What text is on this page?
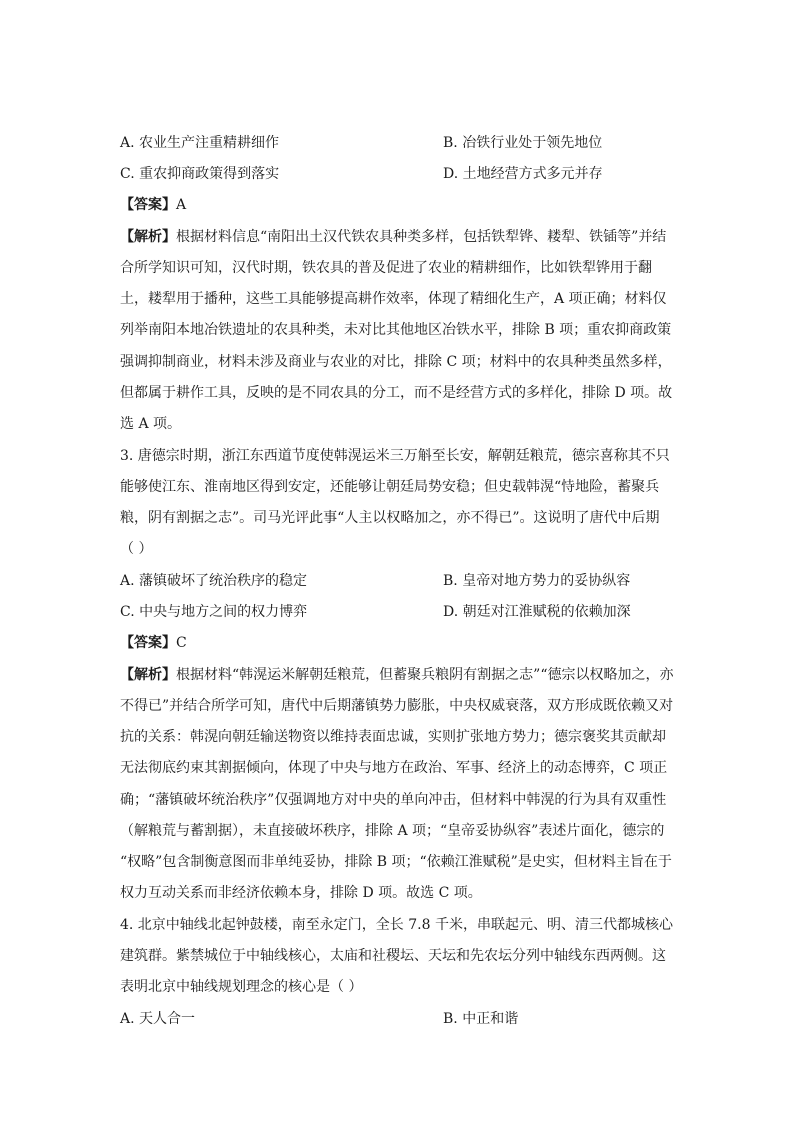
A. 农业生产注重精耕细作	B. 冶铁行业处于领先地位
C. 重农抑商政策得到落实	D. 土地经营方式多元并存
【答案】A
【解析】根据材料信息“南阳出土汉代铁农具种类多样，包括铁犁铧、耧犁、铁锸等”并结
合所学知识可知，汉代时期，铁农具的普及促进了农业的精耕细作，比如铁犁铧用于翻
土，耧犁用于播种，这些工具能够提高耕作效率，体现了精细化生产，A 项正确；材料仅
列举南阳本地冶铁遗址的农具种类，未对比其他地区冶铁水平，排除 B 项；重农抑商政策
强调抑制商业，材料未涉及商业与农业的对比，排除 C 项；材料中的农具种类虽然多样，
但都属于耕作工具，反映的是不同农具的分工，而不是经营方式的多样化，排除 D 项。故
选 A 项。
3. 唐德宗时期，浙江东西道节度使韩滉运米三万斛至长安，解朝廷粮荒，德宗喜称其不只
能够使江东、淮南地区得到安定，还能够让朝廷局势安稳；但史载韩滉“恃地险，蓄聚兵
粮，阴有割据之志”。司马光评此事“人主以权略加之，亦不得已”。这说明了唐代中后期
（ ）
A. 藩镇破坏了统治秩序的稳定	B. 皇帝对地方势力的妥协纵容
C. 中央与地方之间的权力博弈	D. 朝廷对江淮赋税的依赖加深
【答案】C
【解析】根据材料“韩滉运米解朝廷粮荒，但蓄聚兵粮阴有割据之志”“德宗以权略加之，亦
不得已”并结合所学可知，唐代中后期藩镇势力膨胀，中央权威衰落，双方形成既依赖又对
抗的关系：韩滉向朝廷输送物资以维持表面忠诚，实则扩张地方势力；德宗褒奖其贡献却
无法彻底约束其割据倾向，体现了中央与地方在政治、军事、经济上的动态博弈，C 项正
确；“藩镇破坏统治秩序”仅强调地方对中央的单向冲击，但材料中韩滉的行为具有双重性
（解粮荒与蓄割据），未直接破坏秩序，排除 A 项；“皇帝妥协纵容”表述片面化，德宗的
“权略”包含制衡意图而非单纯妥协，排除 B 项；“依赖江淮赋税”是史实，但材料主旨在于
权力互动关系而非经济依赖本身，排除 D 项。故选 C 项。
4. 北京中轴线北起钟鼓楼，南至永定门，全长 7.8 千米，串联起元、明、清三代都城核心
建筑群。紫禁城位于中轴线核心，太庙和社稷坛、天坛和先农坛分列中轴线东西两侧。这
表明北京中轴线规划理念的核心是（ ）
A. 天人合一	B. 中正和谐
